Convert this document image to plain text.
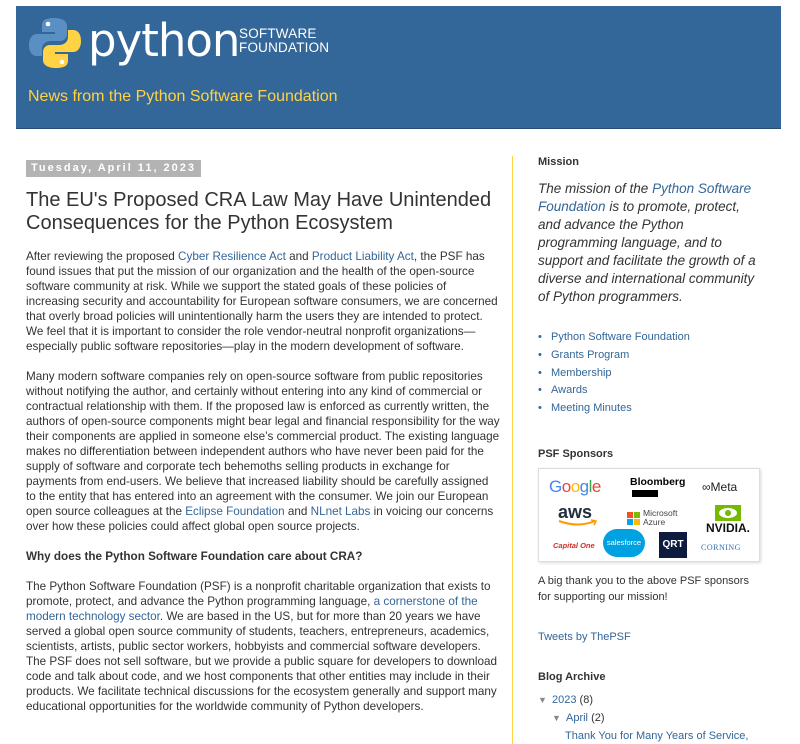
python SOFTWARE
FOUNDATION
News from the Python Software Foundation
Tuesday, April 11, 2023
The EU's Proposed CRA Law May Have Unintended Consequences for the Python Ecosystem

After reviewing the proposed Cyber Resilience Act and Product Liability Act, the PSF has found issues that put the mission of our organization and the health of the open-source software community at risk. While we support the stated goals of these policies of increasing security and accountability for European software consumers, we are concerned that overly broad policies will unintentionally harm the users they are intended to protect. We feel that it is important to consider the role vendor-neutral nonprofit organizations—especially public software repositories—play in the modern development of software.

Many modern software companies rely on open-source software from public repositories without notifying the author, and certainly without entering into any kind of commercial or contractual relationship with them. If the proposed law is enforced as currently written, the authors of open-source components might bear legal and financial responsibility for the way their components are applied in someone else’s commercial product. The existing language makes no differentiation between independent authors who have never been paid for the supply of software and corporate tech behemoths selling products in exchange for payments from end-users. We believe that increased liability should be carefully assigned to the entity that has entered into an agreement with the consumer. We join our European open source colleagues at the Eclipse Foundation and NLnet Labs in voicing our concerns over how these policies could affect global open source projects.

Why does the Python Software Foundation care about CRA?

The Python Software Foundation (PSF) is a nonprofit charitable organization that exists to promote, protect, and advance the Python programming language, a cornerstone of the modern technology sector. We are based in the US, but for more than 20 years we have served a global open source community of students, teachers, entrepreneurs, academics, scientists, artists, public sector workers, hobbyists and commercial software developers. The PSF does not sell software, but we provide a public square for developers to download code and talk about code, and we host components that other entities may include in their products. We facilitate technical discussions for the ecosystem generally and support many educational opportunities for the worldwide community of Python developers.

Mission
The mission of the Python Software Foundation is to promote, protect, and advance the Python programming language, and to support and facilitate the growth of a diverse and international community of Python programmers.
• Python Software Foundation
• Grants Program
• Membership
• Awards
• Meeting Minutes
PSF Sponsors
Google	Bloomberg ∞Meta
aws	Microsoft Azure	NVIDIA.
Capital One	salesforce	QRT	CORNING
A big thank you to the above PSF sponsors for supporting our mission!
Tweets by ThePSF
Blog Archive
▼ 2023 (8)
▼ April (2)
Thank You for Many Years of Service,
